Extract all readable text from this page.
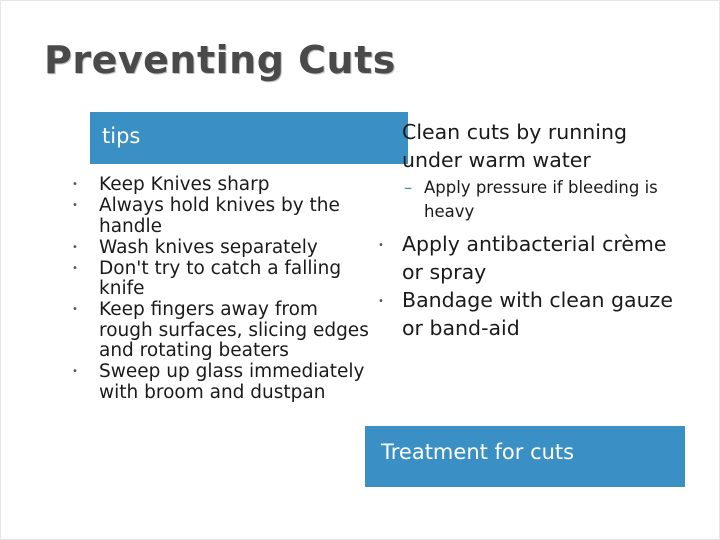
Preventing Cuts
tips
• Keep Knives sharp
• Always hold knives by the handle
• Wash knives separately
• Don't try to catch a falling knife
• Keep fingers away from rough surfaces, slicing edges and rotating beaters
• Sweep up glass immediately with broom and dustpan
Clean cuts by running under warm water
– Apply pressure if bleeding is heavy
• Apply antibacterial crème or spray
• Bandage with clean gauze or band-aid
Treatment for cuts
